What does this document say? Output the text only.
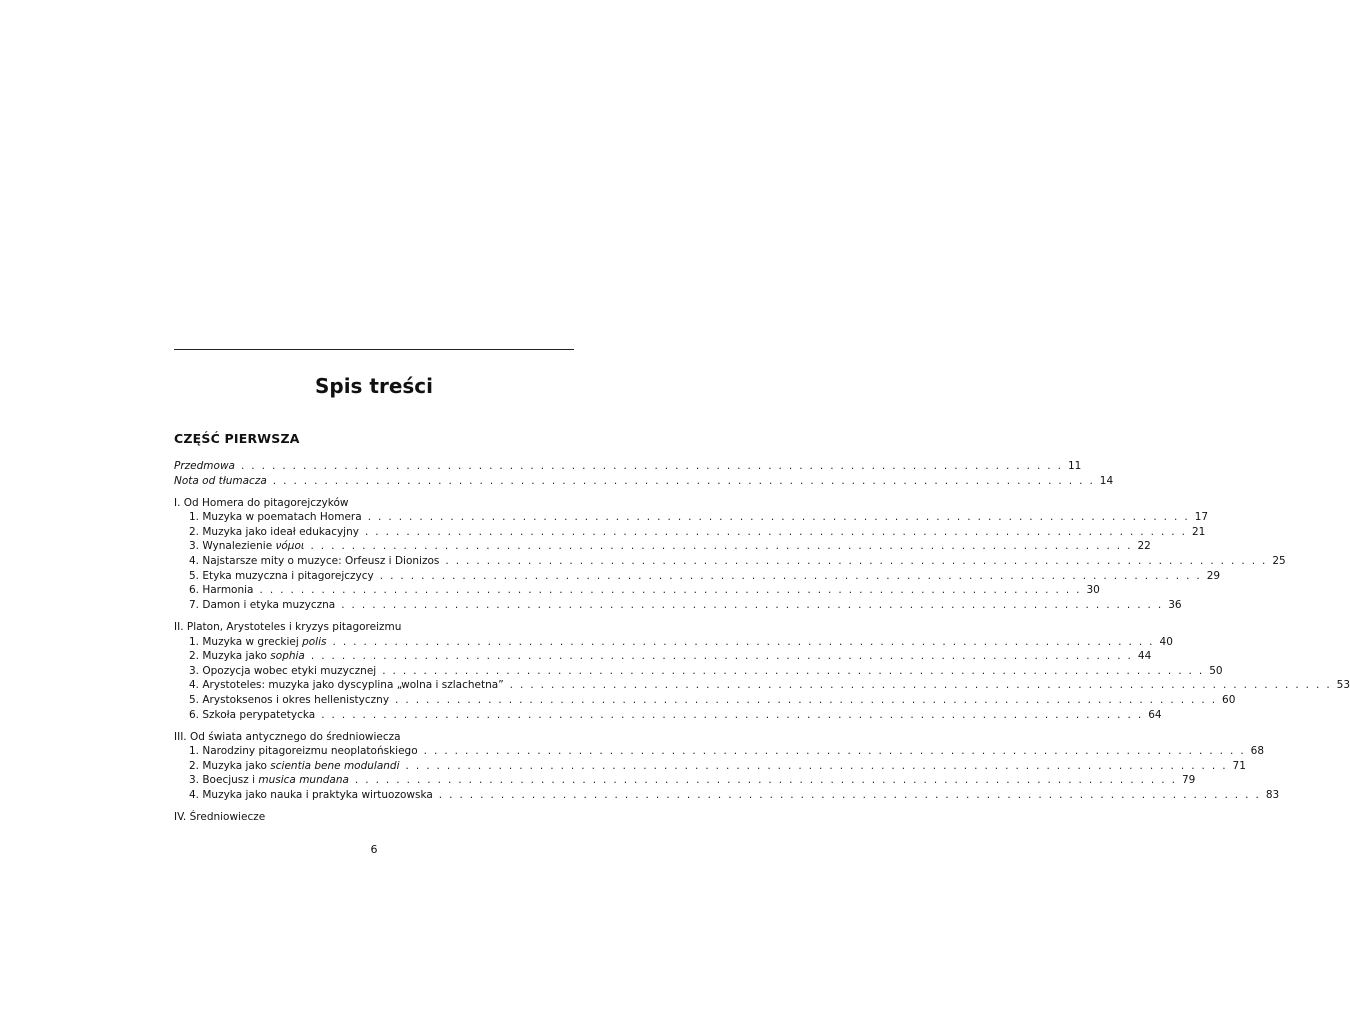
Spis treści
CZĘŚĆ PIERWSZA
Przedmowa ................................................................................ 11
Nota od tłumacza ................................................................................ 14
I. Od Homera do pitagorejczyków
1. Muzyka w poematach Homera ................................................................................ 17
2. Muzyka jako ideał edukacyjny ................................................................................ 21
3. Wynalezienie νόμοι ................................................................................ 22
4. Najstarsze mity o muzyce: Orfeusz i Dionizos ................................................................................ 25
5. Etyka muzyczna i pitagorejczycy ................................................................................ 29
6. Harmonia ................................................................................ 30
7. Damon i etyka muzyczna ................................................................................ 36
II. Platon, Arystoteles i kryzys pitagoreizmu
1. Muzyka w greckiej polis ................................................................................ 40
2. Muzyka jako sophia ................................................................................ 44
3. Opozycja wobec etyki muzycznej ................................................................................ 50
4. Arystoteles: muzyka jako dyscyplina „wolna i szlachetna” ................................................................................ 53
5. Arystoksenos i okres hellenistyczny ................................................................................ 60
6. Szkoła perypatetycka ................................................................................ 64
III. Od świata antycznego do średniowiecza
1. Narodziny pitagoreizmu neoplatońskiego ................................................................................ 68
2. Muzyka jako scientia bene modulandi ................................................................................ 71
3. Boecjusz i musica mundana ................................................................................ 79
4. Muzyka jako nauka i praktyka wirtuozowska ................................................................................ 83
IV. Średniowiecze
6
